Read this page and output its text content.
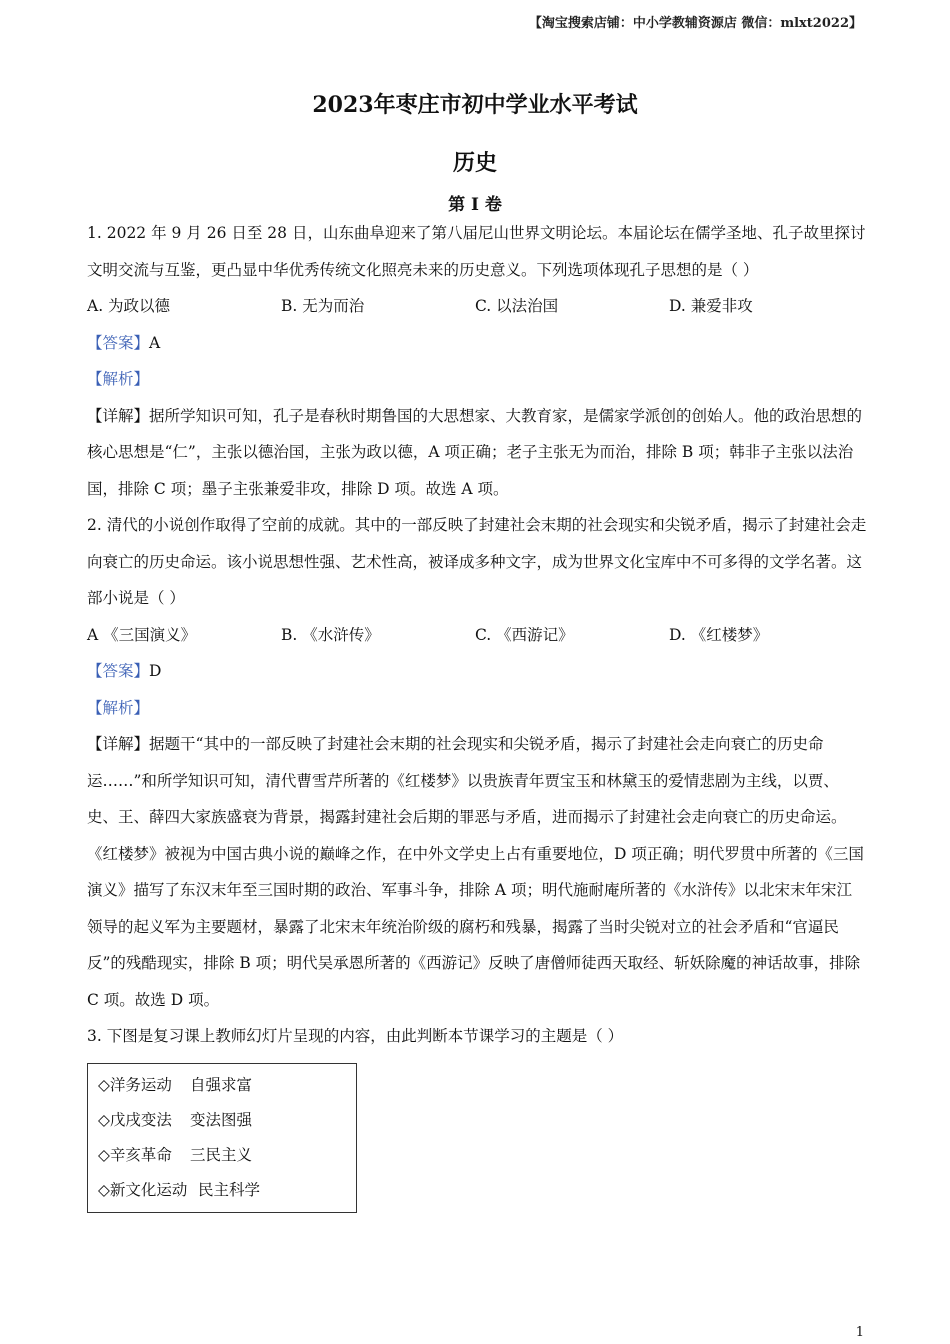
【淘宝搜索店铺：中小学教辅资源店 微信：mlxt2022】
2023年枣庄市初中学业水平考试
历史
第 I 卷

1. 2022 年 9 月 26 日至 28 日，山东曲阜迎来了第八届尼山世界文明论坛。本届论坛在儒学圣地、孔子故里探讨文明交流与互鉴，更凸显中华优秀传统文化照亮未来的历史意义。下列选项体现孔子思想的是（ ）

A. 为政以德	B. 无为而治	C. 以法治国	D. 兼爱非攻

【答案】A

【解析】

【详解】据所学知识可知，孔子是春秋时期鲁国的大思想家、大教育家，是儒家学派创的创始人。他的政治思想的核心思想是“仁”，主张以德治国，主张为政以德，A 项正确；老子主张无为而治，排除 B 项；韩非子主张以法治国，排除 C 项；墨子主张兼爱非攻，排除 D 项。故选 A 项。

2. 清代的小说创作取得了空前的成就。其中的一部反映了封建社会末期的社会现实和尖锐矛盾，揭示了封建社会走向衰亡的历史命运。该小说思想性强、艺术性高，被译成多种文字，成为世界文化宝库中不可多得的文学名著。这部小说是（ ）

A 《三国演义》	B. 《水浒传》	C. 《西游记》	D. 《红楼梦》

【答案】D

【解析】

【详解】据题干“其中的一部反映了封建社会末期的社会现实和尖锐矛盾，揭示了封建社会走向衰亡的历史命运……”和所学知识可知，清代曹雪芹所著的《红楼梦》以贵族青年贾宝玉和林黛玉的爱情悲剧为主线，以贾、史、王、薛四大家族盛衰为背景，揭露封建社会后期的罪恶与矛盾，进而揭示了封建社会走向衰亡的历史命运。《红楼梦》被视为中国古典小说的巅峰之作，在中外文学史上占有重要地位，D 项正确；明代罗贯中所著的《三国演义》描写了东汉末年至三国时期的政治、军事斗争，排除 A 项；明代施耐庵所著的《水浒传》以北宋末年宋江领导的起义军为主要题材，暴露了北宋末年统治阶级的腐朽和残暴，揭露了当时尖锐对立的社会矛盾和“官逼民反”的残酷现实，排除 B 项；明代吴承恩所著的《西游记》反映了唐僧师徒西天取经、斩妖除魔的神话故事，排除 C 项。故选 D 项。

3. 下图是复习课上教师幻灯片呈现的内容，由此判断本节课学习的主题是（ ）

◇洋务运动 自强求富
◇戊戌变法 变法图强
◇辛亥革命 三民主义
◇新文化运动 民主科学
1
